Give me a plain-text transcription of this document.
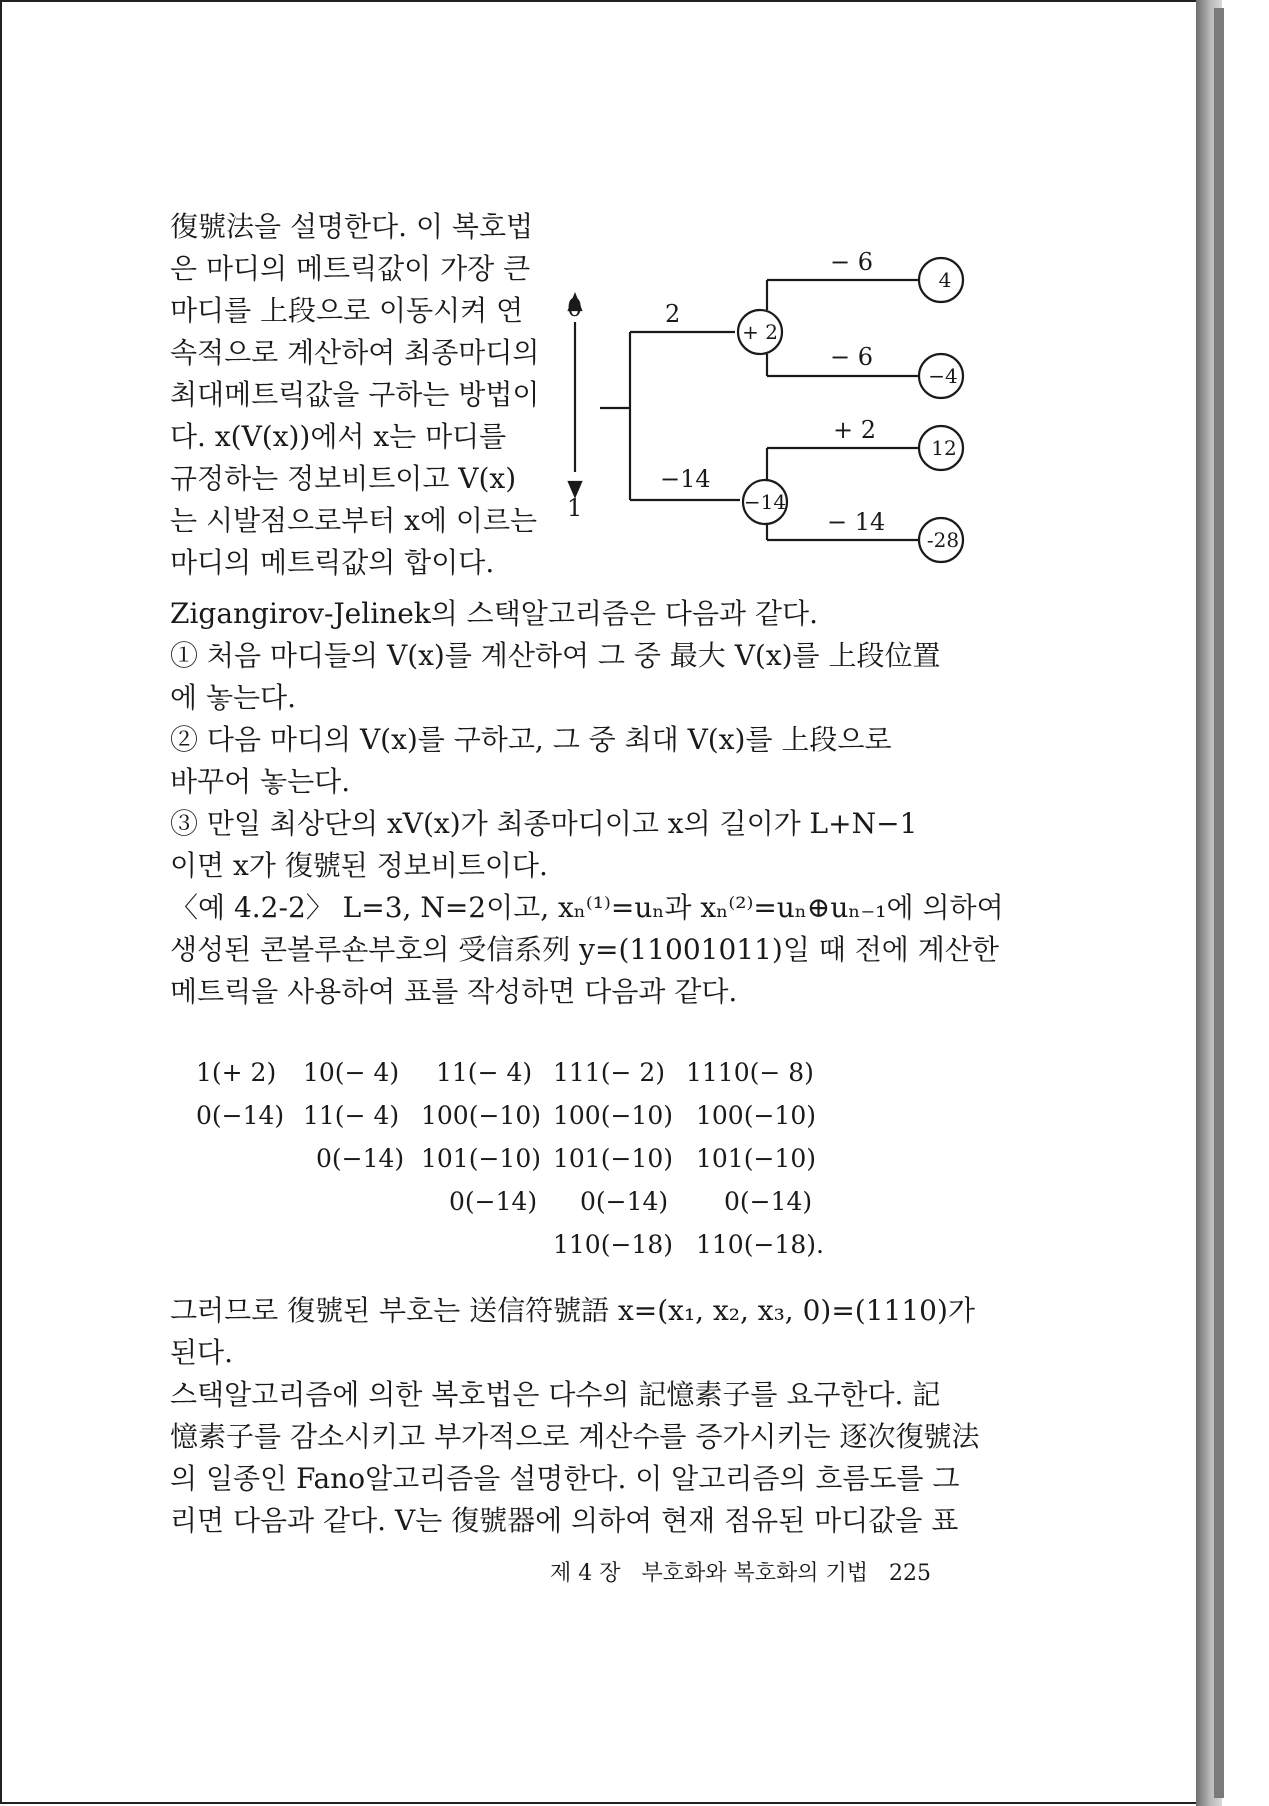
復號法을 설명한다. 이 복호법
은 마디의 메트릭값이 가장 큰
마디를 上段으로 이동시켜 연
속적으로 계산하여 최종마디의
최대메트릭값을 구하는 방법이
다. x(V(x))에서 x는 마디를
규정하는 정보비트이고 V(x)
는 시발점으로부터 x에 이르는
마디의 메트릭값의 합이다.
0
1
2
−14
− 6
− 6
+ 2
− 14
+ 2
−14
4
−4
12
-28
Zigangirov-Jelinek의 스택알고리즘은 다음과 같다.
① 처음 마디들의 V(x)를 계산하여 그 중 最大 V(x)를 上段位置
에 놓는다.
② 다음 마디의 V(x)를 구하고, 그 중 최대 V(x)를 上段으로
바꾸어 놓는다.
③ 만일 최상단의 xV(x)가 최종마디이고 x의 길이가 L+N−1
이면 x가 復號된 정보비트이다.
〈예 4.2-2〉 L=3, N=2이고, xₙ⁽¹⁾=uₙ과 xₙ⁽²⁾=uₙ⊕uₙ₋₁에 의하여
생성된 콘볼루숀부호의 受信系列 y=(11001011)일 때 전에 계산한
메트릭을 사용하여 표를 작성하면 다음과 같다.
1(+ 2) 10(− 4) 11(− 4) 111(− 2) 1110(− 8)
0(−14) 11(− 4) 100(−10) 100(−10) 100(−10)
0(−14) 101(−10) 101(−10) 101(−10)
0(−14) 0(−14) 0(−14)
110(−18) 110(−18).
그러므로 復號된 부호는 送信符號語 x=(x₁, x₂, x₃, 0)=(1110)가
된다.
스택알고리즘에 의한 복호법은 다수의 記憶素子를 요구한다. 記
憶素子를 감소시키고 부가적으로 계산수를 증가시키는 逐次復號法
의 일종인 Fano알고리즘을 설명한다. 이 알고리즘의 흐름도를 그
리면 다음과 같다. V는 復號器에 의하여 현재 점유된 마디값을 표
제 4 장 부호화와 복호화의 기법 225
